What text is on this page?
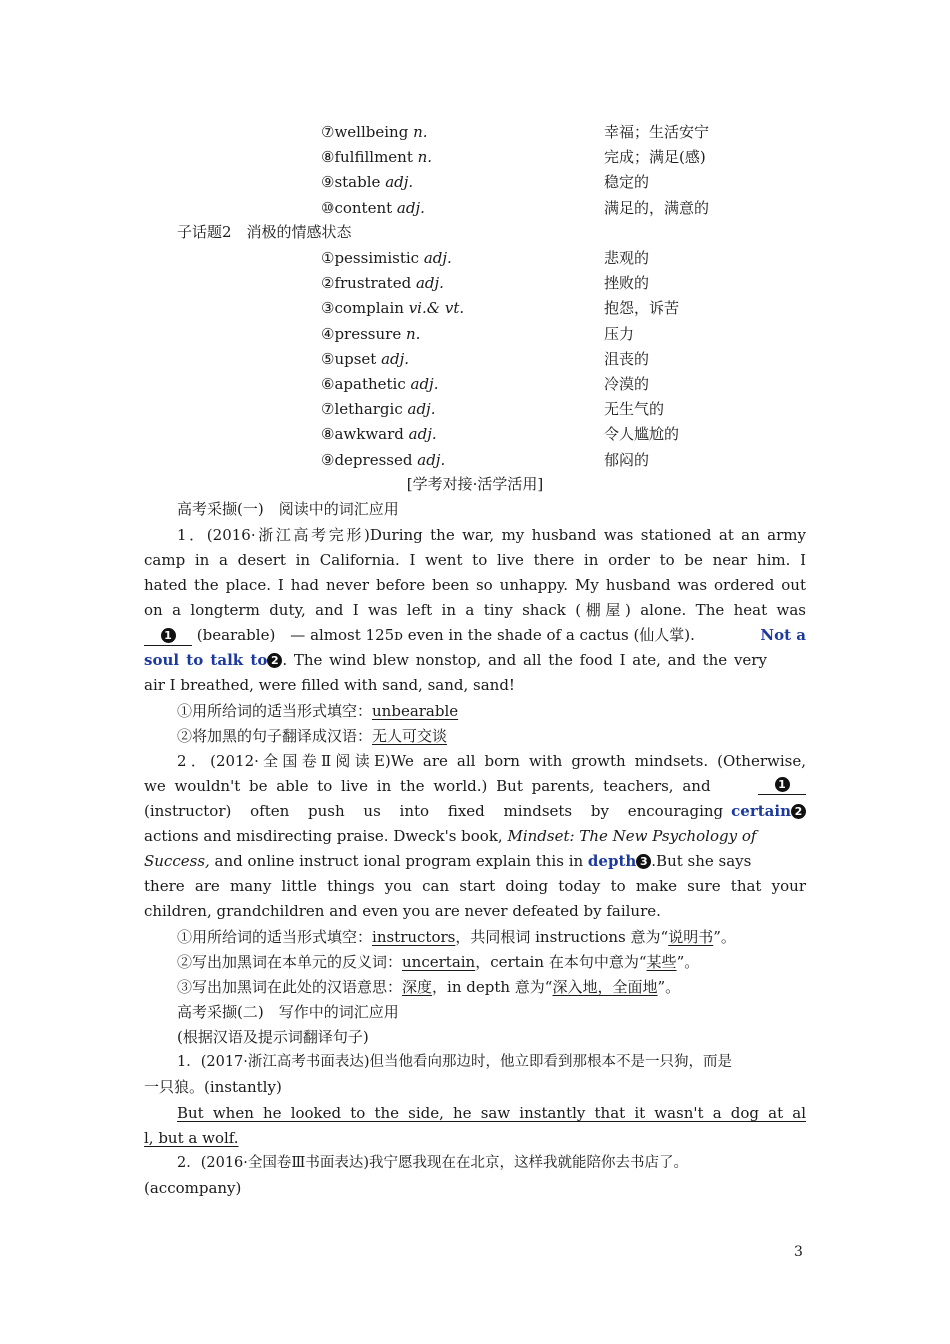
⑦wellbeing n.	幸福；生活安宁
⑧fulfillment n.	完成；满足(感)
⑨stable adj.	稳定的
⑩content adj.	满足的，满意的
子话题2　消极的情感状态
①pessimistic adj.	悲观的
②frustrated adj.	挫败的
③complain vi.& vt.	抱怨，诉苦
④pressure n.	压力
⑤upset adj.	沮丧的
⑥apathetic adj.	冷漠的
⑦lethargic adj.	无生气的
⑧awkward adj.	令人尴尬的
⑨depressed adj.	郁闷的
[学考对接·活学活用]
高考采撷(一)　阅读中的词汇应用
1．(2016·浙江高考完形)During the war, my husband was stationed at an army
camp in a desert in California. I went to live there in order to be near him. I
hated the place. I had never before been so unhappy. My husband was ordered out
on a longterm duty, and I was left in a tiny shack (棚屋) alone. The heat was
1 (bearable)　— almost 125ᴅ even in the shade of a cactus (仙人掌).	Not a
soul to talk to 2 . The wind blew nonstop, and all the food I ate, and the very
air I breathed, were filled with sand, sand, sand!
①用所给词的适当形式填空：unbearable
②将加黑的句子翻译成汉语：无人可交谈
2．(2012·全国卷Ⅱ阅读E)We are all born with growth mindsets. (Otherwise,
we wouldn't be able to live in the world.) But parents, teachers, and	1
(instructor) often push us into fixed mindsets by encouraging certain 2
actions and misdirecting praise. Dweck's book, Mindset: The New Psychology of
Success, and online instruct ional program explain this in depth 3 .But she says
there are many little things you can start doing today to make sure that your
children, grandchildren and even you are never defeated by failure.
①用所给词的适当形式填空：instructors，共同根词 instructions 意为“说明书”。
②写出加黑词在本单元的反义词：uncertain，certain 在本句中意为“某些”。
③写出加黑词在此处的汉语意思：深度，in depth 意为“深入地，全面地”。
高考采撷(二)　写作中的词汇应用
(根据汉语及提示词翻译句子)
1．(2017·浙江高考书面表达)但当他看向那边时，他立即看到那根本不是一只狗，而是
一只狼。(instantly)
But when he looked to the side, he saw instantly that it wasn't a dog at al
l, but a wolf.
2．(2016·全国卷Ⅲ书面表达)我宁愿我现在在北京，这样我就能陪你去书店了。
(accompany)
3
